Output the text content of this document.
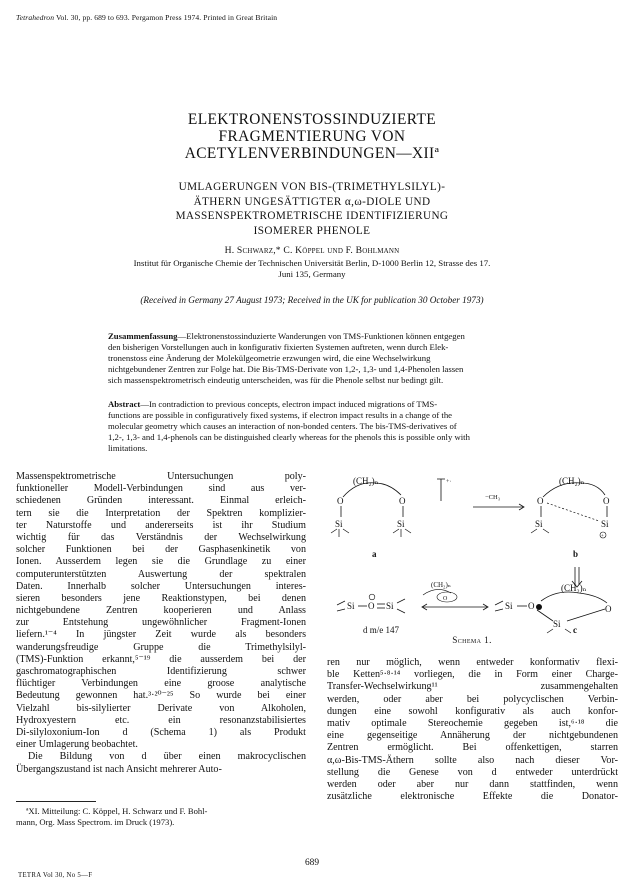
Tetrahedron Vol. 30, pp. 689 to 693. Pergamon Press 1974. Printed in Great Britain
ELEKTRONENSTOSSINDUZIERTE
FRAGMENTIERUNG VON
ACETYLENVERBINDUNGEN—XIIª
UMLAGERUNGEN VON BIS-(TRIMETHYLSILYL)-
ÄTHERN UNGESÄTTIGTER α,ω-DIOLE UND
MASSENSPEKTROMETRISCHE IDENTIFIZIERUNG
ISOMERER PHENOLE
H. Schwarz,* C. Köppel und F. Bohlmann
Institut für Organische Chemie der Technischen Universität Berlin, D-1000 Berlin 12, Strasse des 17.
Juni 135, Germany
(Received in Germany 27 August 1973; Received in the UK for publication 30 October 1973)
Zusammenfassung—Elektronenstossinduzierte Wanderungen von TMS-Funktionen können entgegen
den bisherigen Vorstellungen auch in konfigurativ fixierten Systemen auftreten, wenn durch Elek-
tronenstoss eine Änderung der Molekülgeometrie erzwungen wird, die eine Wechselwirkung
nichtgebundener Zentren zur Folge hat. Die Bis-TMS-Derivate von 1,2-, 1,3- und 1,4-Phenolen lassen
sich massenspektrometrisch eindeutig unterscheiden, was für die Phenole selbst nur bedingt gilt.
Abstract—In contradiction to previous concepts, electron impact induced migrations of TMS-
functions are possible in configuratively fixed systems, if electron impact results in a change of the
molecular geometry which causes an interaction of non-bonded centers. The bis-TMS-derivatives of
1,2-, 1,3- and 1,4-phenols can be distinguished clearly whereas for the phenols this is possible only with
limitations.
Massenspektrometrische Untersuchungen poly-
funktioneller Modell-Verbindungen sind aus ver-
schiedenen Gründen interessant. Einmal erleich-
tern sie die Interpretation der Spektren komplizier-
ter Naturstoffe und andererseits ist ihr Studium
wichtig für das Verständnis der Wechselwirkung
solcher Funktionen bei der Gasphasenkinetik von
Ionen. Ausserdem legen sie die Grundlage zu einer
computerunterstützten Auswertung der spektralen
Daten. Innerhalb solcher Untersuchungen interes-
sieren besonders jene Reaktionstypen, bei denen
nichtgebundene Zentren kooperieren und Anlass
zur Entstehung ungewöhnlicher Fragment-Ionen
liefern.¹⁻⁴ In jüngster Zeit wurde als besonders
wanderungsfreudige Gruppe die Trimethylsilyl-
(TMS)-Funktion erkannt,⁵⁻¹⁹ die ausserdem bei der
gaschromatographischen Identifizierung schwer
flüchtiger Verbindungen eine groose analytische
Bedeutung gewonnen hat.³·²⁰⁻²⁵ So wurde bei einer
Vielzahl bis-silylierter Derivate von Alkoholen,
Hydroxyestern etc. ein resonanzstabilisiertes
Di-silyloxonium-Ion d (Schema 1) als Produkt
einer Umlagerung beobachtet.
Die Bildung von d über einen makrocyclischen
Übergangszustand ist nach Ansicht mehrerer Auto-
ªXI. Mitteilung: C. Köppel, H. Schwarz und F. Bohl-
mann, Org. Mass Spectrom. im Druck (1973).
(CH₂)ₙ
O	O
Si	Si
+·
a
−CH₃
(CH₂)ₙ
O	O
Si	Si
+
b
Si O Si
d m/e 147
(CH₂)ₙ
O
(CH₂)ₙ
Si O	O
Si
c
Schema 1.
ren nur möglich, wenn entweder konformativ flexi-
ble Ketten⁵·⁸·¹⁴ vorliegen, die in Form einer Charge-
Transfer-Wechselwirkung¹¹ zusammengehalten
werden, oder aber bei polycyclischen Verbin-
dungen eine sowohl konfigurativ als auch konfor-
mativ optimale Stereochemie gegeben ist,⁶·¹⁸ die
eine gegenseitige Annäherung der nichtgebundenen
Zentren ermöglicht. Bei offenkettigen, starren
α,ω-Bis-TMS-Äthern sollte also nach dieser Vor-
stellung die Genese von d entweder unterdrückt
werden oder aber nur dann stattfinden, wenn
zusätzliche elektronische Effekte die Donator-
689
TETRA Vol 30, No 5—F
